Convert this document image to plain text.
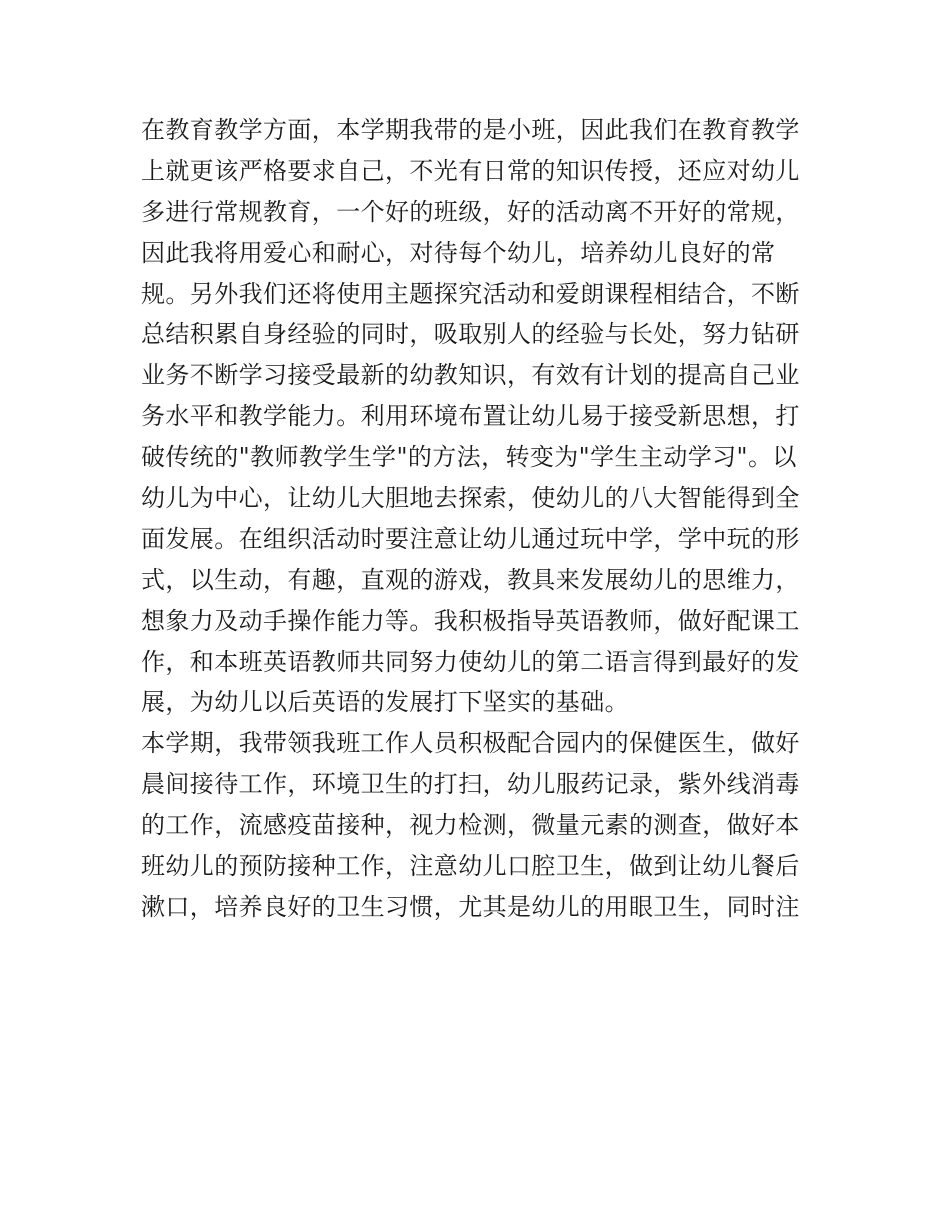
在教育教学方面，本学期我带的是小班，因此我们在教育教学
上就更该严格要求自己，不光有日常的知识传授，还应对幼儿
多进行常规教育，一个好的班级，好的活动离不开好的常规，
因此我将用爱心和耐心，对待每个幼儿，培养幼儿良好的常
规。另外我们还将使用主题探究活动和爱朗课程相结合，不断
总结积累自身经验的同时，吸取别人的经验与长处，努力钻研
业务不断学习接受最新的幼教知识，有效有计划的提高自己业
务水平和教学能力。利用环境布置让幼儿易于接受新思想，打
破传统的"教师教学生学"的方法，转变为"学生主动学习"。以
幼儿为中心，让幼儿大胆地去探索，使幼儿的八大智能得到全
面发展。在组织活动时要注意让幼儿通过玩中学，学中玩的形
式，以生动，有趣，直观的游戏，教具来发展幼儿的思维力，
想象力及动手操作能力等。我积极指导英语教师，做好配课工
作，和本班英语教师共同努力使幼儿的第二语言得到最好的发
展，为幼儿以后英语的发展打下坚实的基础。
本学期，我带领我班工作人员积极配合园内的保健医生，做好
晨间接待工作，环境卫生的打扫，幼儿服药记录，紫外线消毒
的工作，流感疫苗接种，视力检测，微量元素的测查，做好本
班幼儿的预防接种工作，注意幼儿口腔卫生，做到让幼儿餐后
漱口，培养良好的卫生习惯，尤其是幼儿的用眼卫生，同时注
